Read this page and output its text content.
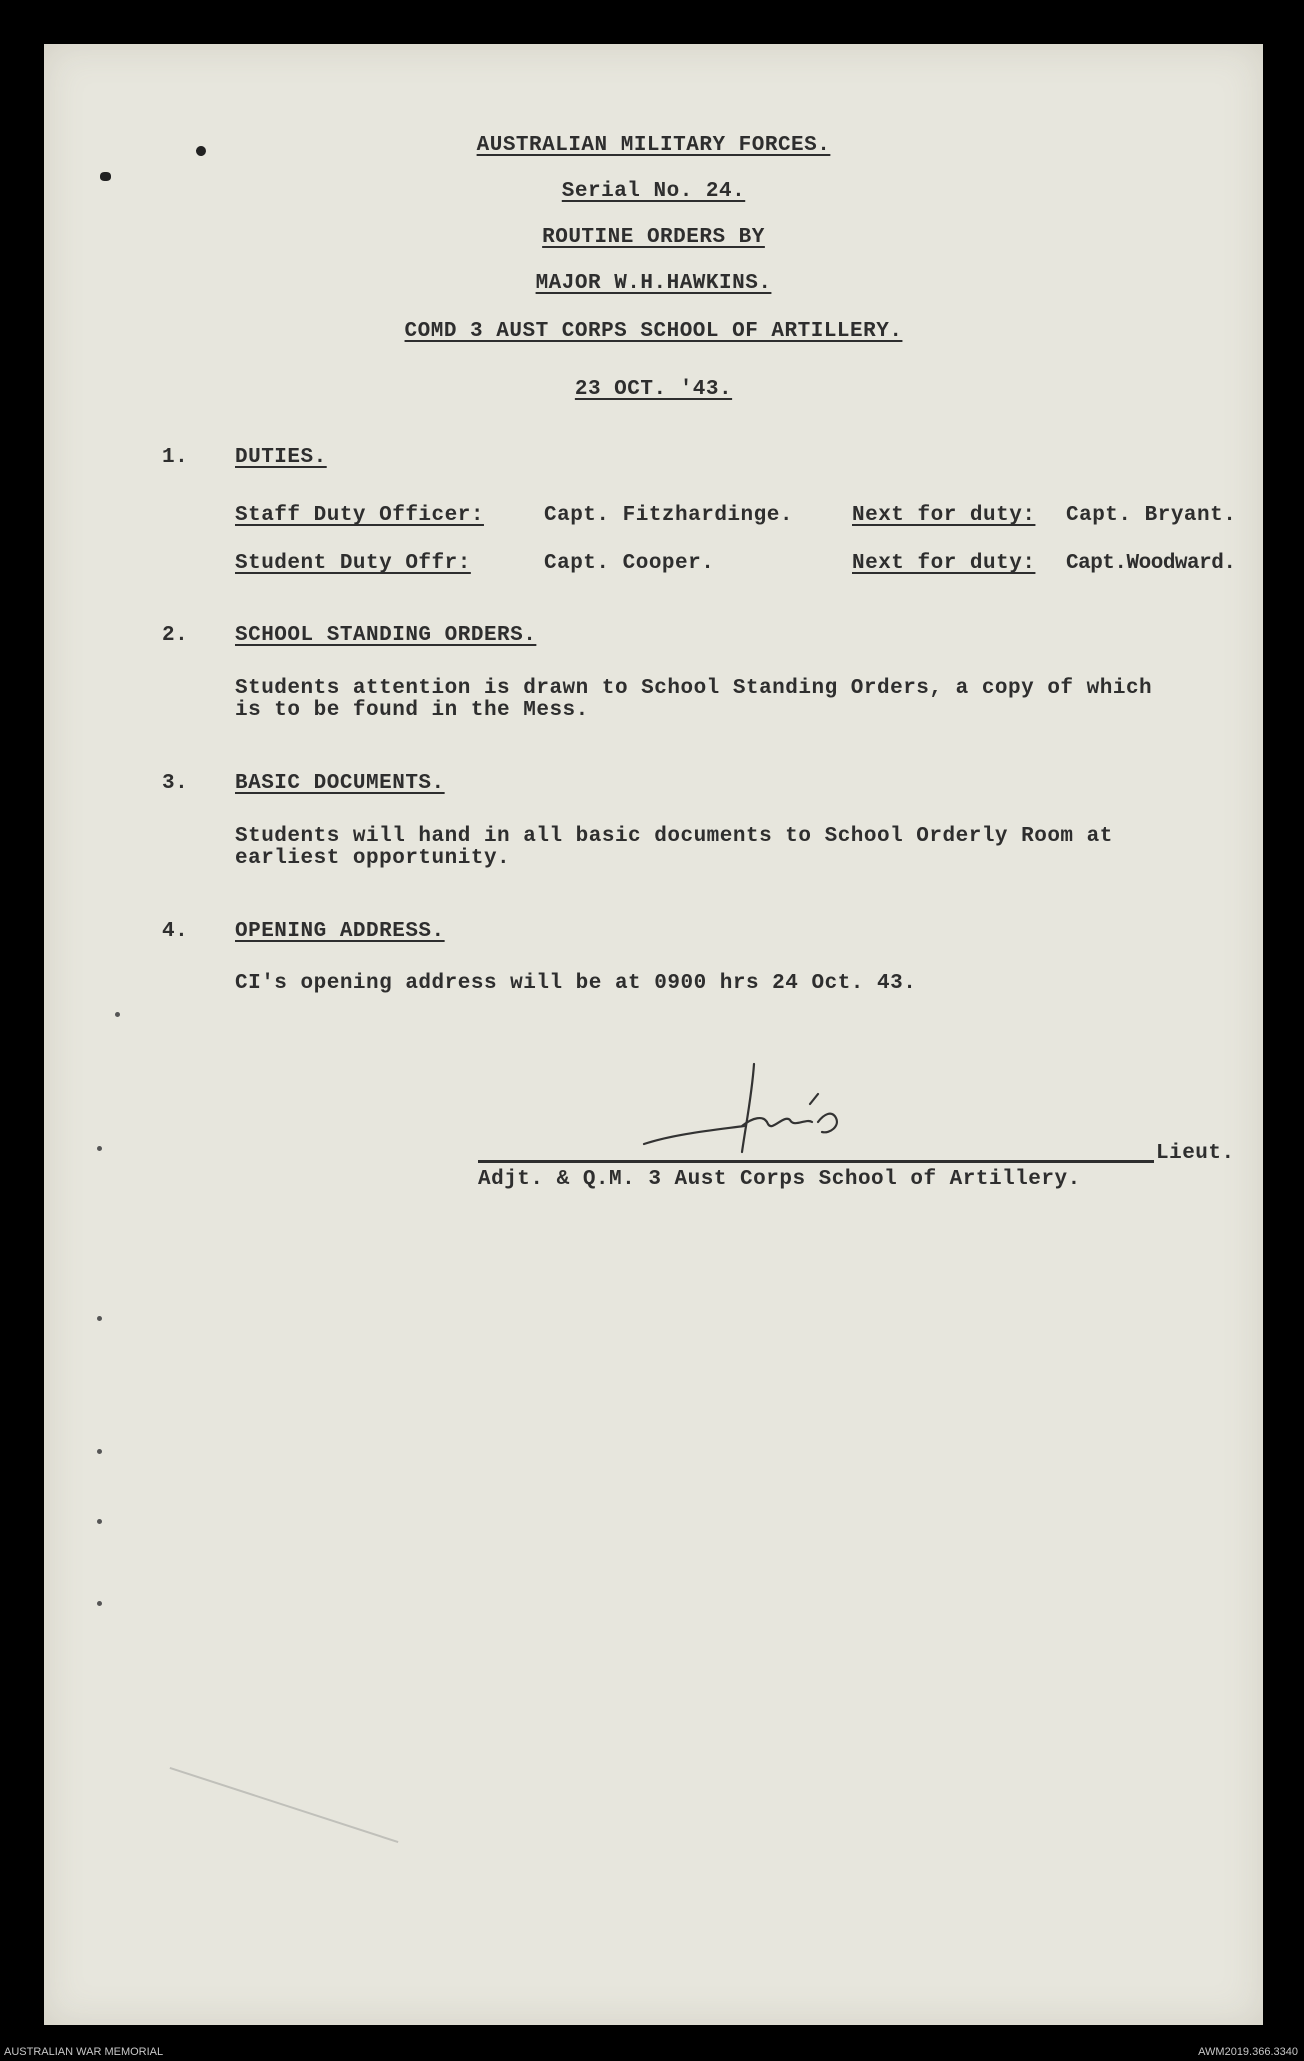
AUSTRALIAN MILITARY FORCES.
Serial No. 24.
ROUTINE ORDERS BY
MAJOR W.H.HAWKINS.
COMD 3 AUST CORPS SCHOOL OF ARTILLERY.
23 OCT. '43.
1. DUTIES.
Staff Duty Officer:	Capt. Fitzhardinge.	Next for duty: Capt. Bryant.
Student Duty Offr:	Capt. Cooper.	Next for duty: Capt.Woodward.
2. SCHOOL STANDING ORDERS.
Students attention is drawn to School Standing Orders, a copy of which is to be found in the Mess.
3. BASIC DOCUMENTS.
Students will hand in all basic documents to School Orderly Room at earliest opportunity.
4. OPENING ADDRESS.
CI's opening address will be at 0900 hrs 24 Oct. 43.
Lieut.
Adjt. & Q.M. 3 Aust Corps School of Artillery.
AUSTRALIAN WAR MEMORIAL	AWM2019.366.3340
